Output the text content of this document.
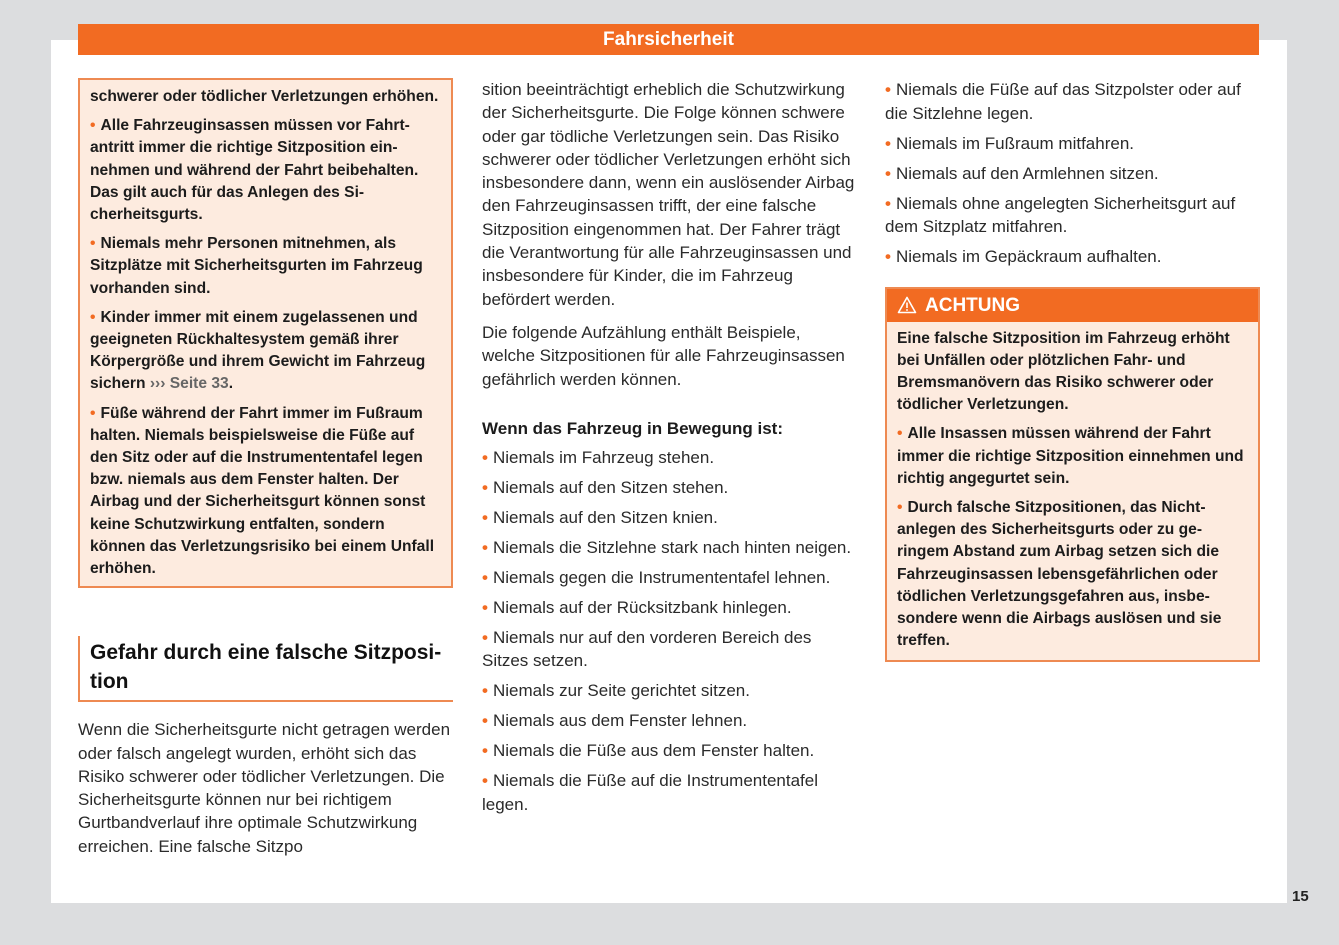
Fahrsicherheit

schwerer oder tödlicher Verletzungen erhöhen.

• Alle Fahrzeuginsassen müssen vor Fahrtantritt immer die richtige Sitzposition einnehmen und während der Fahrt beibehalten. Das gilt auch für das Anlegen des Sicherheitsgurts.

• Niemals mehr Personen mitnehmen, als Sitzplätze mit Sicherheitsgurten im Fahrzeug vorhanden sind.

• Kinder immer mit einem zugelassenen und geeigneten Rückhaltesystem gemäß ihrer Körpergröße und ihrem Gewicht im Fahrzeug sichern ››› Seite 33.

• Füße während der Fahrt immer im Fußraum halten. Niemals beispielsweise die Füße auf den Sitz oder auf die Instrumententafel legen bzw. niemals aus dem Fenster halten. Der Airbag und der Sicherheitsgurt können sonst keine Schutzwirkung entfalten, sondern können das Verletzungsrisiko bei einem Unfall erhöhen.

Gefahr durch eine falsche Sitzposition

Wenn die Sicherheitsgurte nicht getragen werden oder falsch angelegt wurden, erhöht sich das Risiko schwerer oder tödlicher Verletzungen. Die Sicherheitsgurte können nur bei richtigem Gurtbandverlauf ihre optimale Schutzwirkung erreichen. Eine falsche Sitzpo

sition beeinträchtigt erheblich die Schutzwirkung der Sicherheitsgurte. Die Folge können schwere oder gar tödliche Verletzungen sein. Das Risiko schwerer oder tödlicher Verletzungen erhöht sich insbesondere dann, wenn ein auslösender Airbag den Fahrzeuginsassen trifft, der eine falsche Sitzposition eingenommen hat. Der Fahrer trägt die Verantwortung für alle Fahrzeuginsassen und insbesondere für Kinder, die im Fahrzeug befördert werden.

Die folgende Aufzählung enthält Beispiele, welche Sitzpositionen für alle Fahrzeuginsassen gefährlich werden können.

Wenn das Fahrzeug in Bewegung ist:

• Niemals im Fahrzeug stehen.

• Niemals auf den Sitzen stehen.

• Niemals auf den Sitzen knien.

• Niemals die Sitzlehne stark nach hinten neigen.

• Niemals gegen die Instrumententafel lehnen.

• Niemals auf der Rücksitzbank hinlegen.

• Niemals nur auf den vorderen Bereich des Sitzes setzen.

• Niemals zur Seite gerichtet sitzen.

• Niemals aus dem Fenster lehnen.

• Niemals die Füße aus dem Fenster halten.

• Niemals die Füße auf die Instrumententafel legen.

• Niemals die Füße auf das Sitzpolster oder auf die Sitzlehne legen.

• Niemals im Fußraum mitfahren.

• Niemals auf den Armlehnen sitzen.

• Niemals ohne angelegten Sicherheitsgurt auf dem Sitzplatz mitfahren.

• Niemals im Gepäckraum aufhalten.

ACHTUNG

Eine falsche Sitzposition im Fahrzeug erhöht bei Unfällen oder plötzlichen Fahr- und Bremsmanövern das Risiko schwerer oder tödlicher Verletzungen.

• Alle Insassen müssen während der Fahrt immer die richtige Sitzposition einnehmen und richtig angegurtet sein.

• Durch falsche Sitzpositionen, das Nichtanlegen des Sicherheitsgurts oder zu geringem Abstand zum Airbag setzen sich die Fahrzeuginsassen lebensgefährlichen oder tödlichen Verletzungsgefahren aus, insbesondere wenn die Airbags auslösen und sie treffen.

15
